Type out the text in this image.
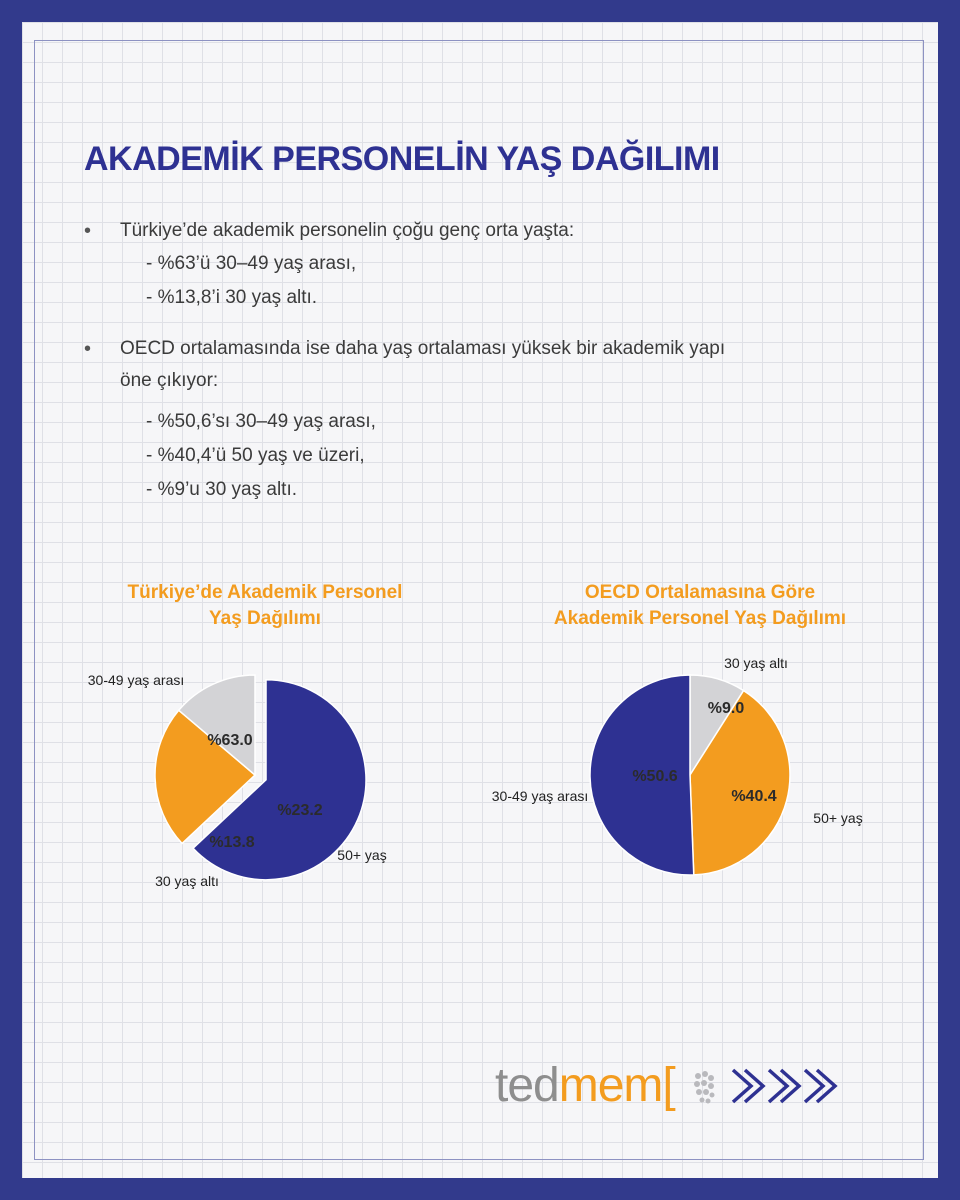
AKADEMİK PERSONELİN YAŞ DAĞILIMI
• Türkiye’de akademik personelin çoğu genç orta yaşta:
- %63’ü 30–49 yaş arası,
- %13,8’i 30 yaş altı.
• OECD ortalamasında ise daha yaş ortalaması yüksek bir akademik yapı
öne çıkıyor:
- %50,6’sı 30–49 yaş arası,
- %40,4’ü 50 yaş ve üzeri,
- %9’u 30 yaş altı.
Türkiye’de Akademik Personel
Yaş Dağılımı
OECD Ortalamasına Göre
Akademik Personel Yaş Dağılımı
%63.0
%23.2
%13.8
30-49 yaş arası
50+ yaş
30 yaş altı
%9.0
%40.4
%50.6
30 yaş altı
50+ yaş
30-49 yaş arası
tedmem[
